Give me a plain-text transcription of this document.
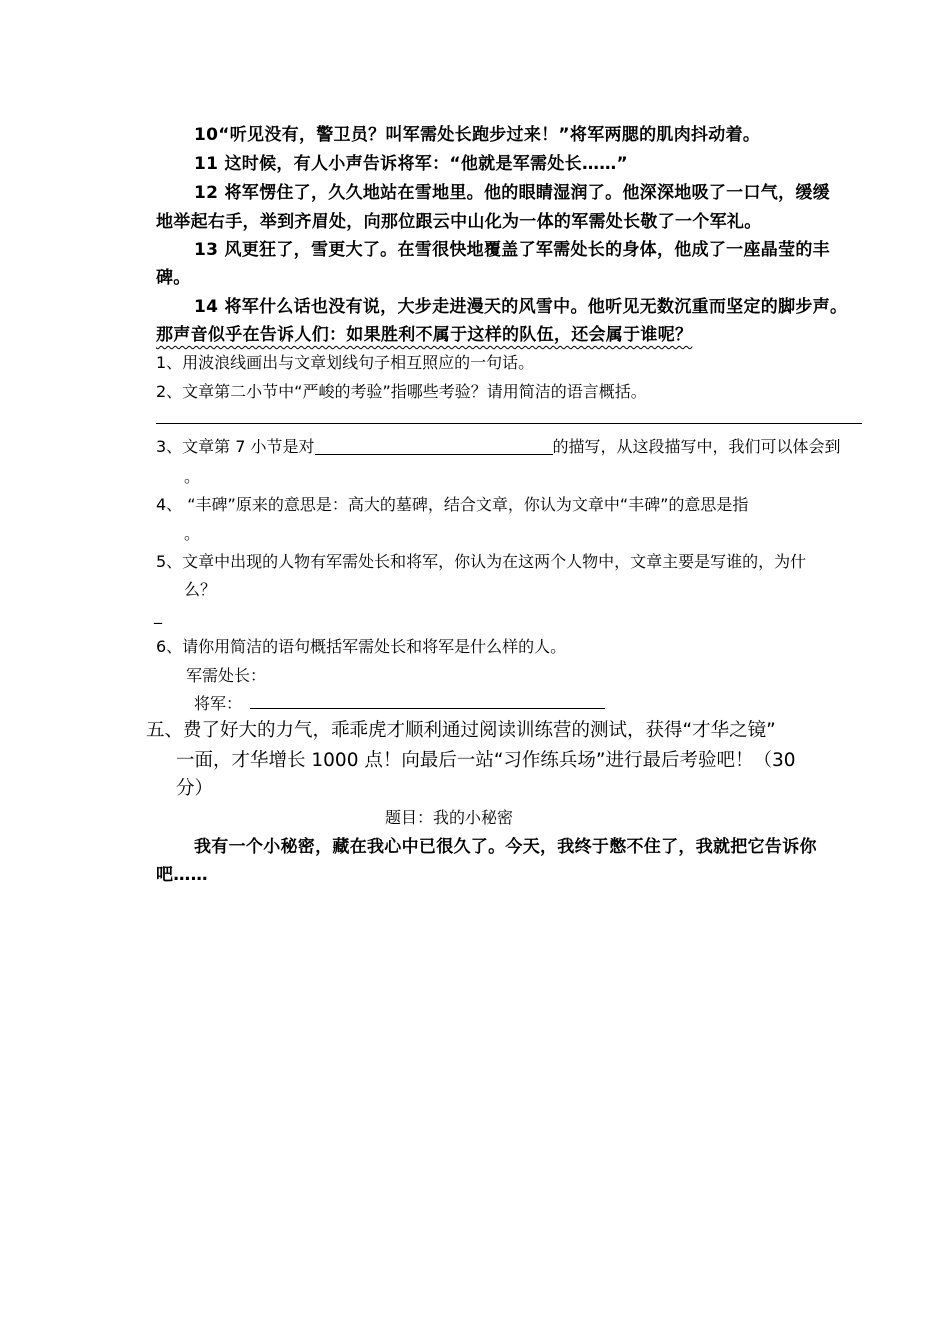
10“听见没有，警卫员？叫军需处长跑步过来！”将军两腮的肌肉抖动着。
11 这时候，有人小声告诉将军：“他就是军需处长……”
12 将军愣住了，久久地站在雪地里。他的眼睛湿润了。他深深地吸了一口气，缓缓
地举起右手，举到齐眉处，向那位跟云中山化为一体的军需处长敬了一个军礼。
13 风更狂了，雪更大了。在雪很快地覆盖了军需处长的身体，他成了一座晶莹的丰
碑。
14 将军什么话也没有说，大步走进漫天的风雪中。他听见无数沉重而坚定的脚步声。
那声音似乎在告诉人们：如果胜利不属于这样的队伍，还会属于谁呢？
1、用波浪线画出与文章划线句子相互照应的一句话。
2、文章第二小节中“严峻的考验”指哪些考验？请用简洁的语言概括。
3、文章第 7 小节是对	的描写，从这段描写中，我们可以体会到
。
4、 “丰碑”原来的意思是：高大的墓碑，结合文章，你认为文章中“丰碑”的意思是指
。
5、文章中出现的人物有军需处长和将军，你认为在这两个人物中，文章主要是写谁的，为什
么？
_
6、请你用简洁的语句概括军需处长和将军是什么样的人。
军需处长：
将军：
五、费了好大的力气，乖乖虎才顺利通过阅读训练营的测试，获得“才华之镜”
一面，才华增长 1000 点！向最后一站“习作练兵场”进行最后考验吧！（30
分）
题目：我的小秘密
我有一个小秘密，藏在我心中已很久了。今天，我终于憋不住了，我就把它告诉你
吧……
